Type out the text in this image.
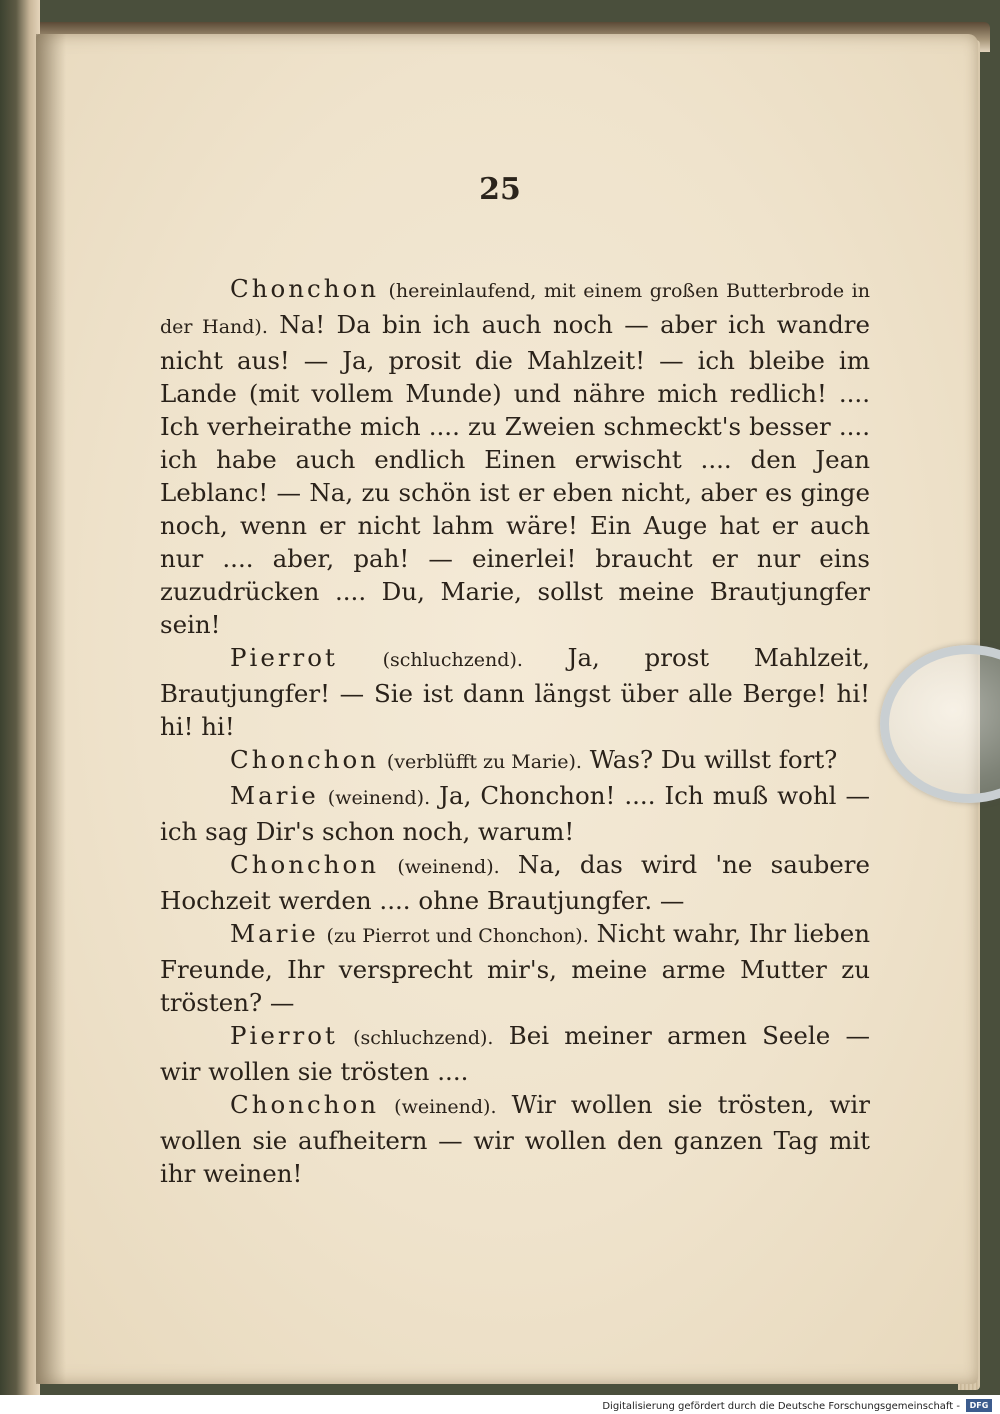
25

Chonchon (hereinlaufend, mit einem großen Butterbrode in der Hand). Na! Da bin ich auch noch — aber ich wandre nicht aus! — Ja, prosit die Mahlzeit! — ich bleibe im Lande (mit vollem Munde) und nähre mich redlich! .... Ich verheirathe mich .... zu Zweien schmeckt's besser .... ich habe auch endlich Einen erwischt .... den Jean Leblanc! — Na, zu schön ist er eben nicht, aber es ginge noch, wenn er nicht lahm wäre! Ein Auge hat er auch nur .... aber, pah! — einerlei! braucht er nur eins zuzudrücken .... Du, Marie, sollst meine Brautjungfer sein!

Pierrot (schluchzend). Ja, prost Mahlzeit, Brautjungfer! — Sie ist dann längst über alle Berge! hi! hi! hi!

Chonchon (verblüfft zu Marie). Was? Du willst fort?

Marie (weinend). Ja, Chonchon! .... Ich muß wohl — ich sag Dir's schon noch, warum!

Chonchon (weinend). Na, das wird 'ne saubere Hochzeit werden .... ohne Brautjungfer. —

Marie (zu Pierrot und Chonchon). Nicht wahr, Ihr lieben Freunde, Ihr versprecht mir's, meine arme Mutter zu trösten? —

Pierrot (schluchzend). Bei meiner armen Seele — wir wollen sie trösten ....

Chonchon (weinend). Wir wollen sie trösten, wir wollen sie aufheitern — wir wollen den ganzen Tag mit ihr weinen!

Digitalisierung gefördert durch die Deutsche Forschungsgemeinschaft -	DFG
